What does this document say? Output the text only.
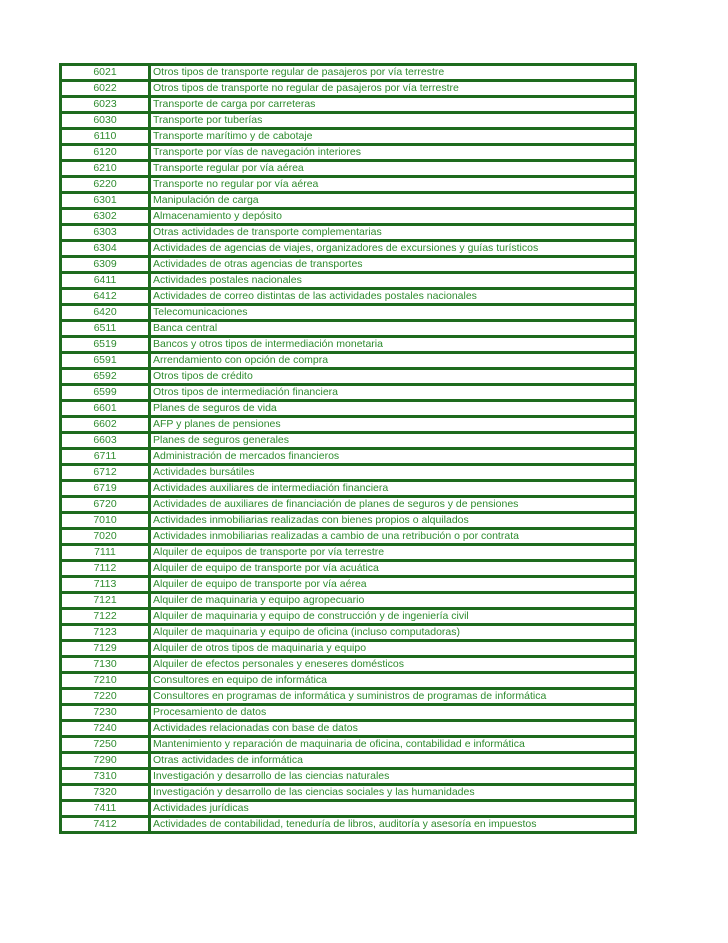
6021	Otros tipos de transporte regular de pasajeros por vía terrestre
6022	Otros tipos de transporte no regular de pasajeros por vía terrestre
6023	Transporte de carga por carreteras
6030	Transporte por tuberías
6110	Transporte marítimo y de cabotaje
6120	Transporte por vías de navegación interiores
6210	Transporte regular por vía aérea
6220	Transporte no regular por vía aérea
6301	Manipulación de carga
6302	Almacenamiento y depósito
6303	Otras actividades de transporte complementarias
6304	Actividades de agencias de viajes, organizadores de excursiones y guías turísticos
6309	Actividades de otras agencias de transportes
6411	Actividades postales nacionales
6412	Actividades de correo distintas de las actividades postales nacionales
6420	Telecomunicaciones
6511	Banca central
6519	Bancos y otros tipos de intermediación monetaria
6591	Arrendamiento con opción de compra
6592	Otros tipos de crédito
6599	Otros tipos de intermediación financiera
6601	Planes de seguros de vida
6602	AFP y planes de pensiones
6603	Planes de seguros generales
6711	Administración de mercados financieros
6712	Actividades bursátiles
6719	Actividades auxiliares de intermediación financiera
6720	Actividades de auxiliares de financiación de planes de seguros y de pensiones
7010	Actividades inmobiliarias realizadas con bienes propios o alquilados
7020	Actividades inmobiliarias realizadas a cambio de una retribución o por contrata
7111	Alquiler de equipos de transporte por vía terrestre
7112	Alquiler de equipo de transporte por vía acuática
7113	Alquiler de equipo de transporte por vía aérea
7121	Alquiler de maquinaria y equipo agropecuario
7122	Alquiler de maquinaria y equipo de construcción y de ingeniería civil
7123	Alquiler de maquinaria y equipo de oficina (incluso computadoras)
7129	Alquiler de otros tipos de maquinaria y equipo
7130	Alquiler de efectos personales y eneseres domésticos
7210	Consultores en equipo de informática
7220	Consultores en programas de informática y suministros de programas de informática
7230	Procesamiento de datos
7240	Actividades relacionadas con base de datos
7250	Mantenimiento y reparación de maquinaria de oficina, contabilidad e informática
7290	Otras actividades de informática
7310	Investigación y desarrollo de las ciencias naturales
7320	Investigación y desarrollo de las ciencias sociales y las humanidades
7411	Actividades jurídicas
7412	Actividades de contabilidad, teneduría de libros, auditoría y asesoría en impuestos
